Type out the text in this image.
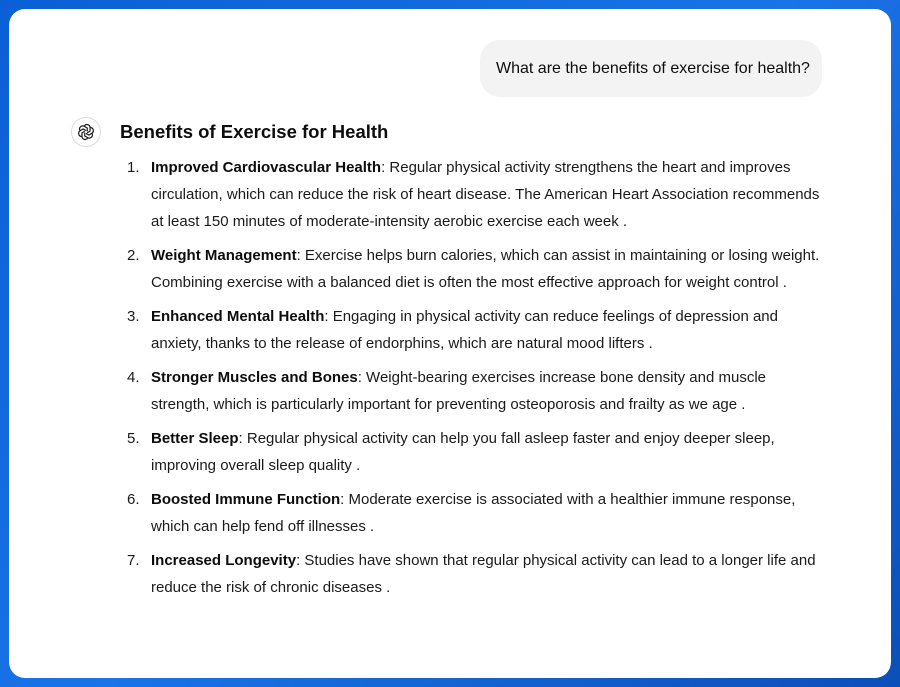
What are the benefits of exercise for health?
Benefits of Exercise for Health
1. Improved Cardiovascular Health: Regular physical activity strengthens the heart and improves circulation, which can reduce the risk of heart disease. The American Heart Association recommends at least 150 minutes of moderate-intensity aerobic exercise each week .
2. Weight Management: Exercise helps burn calories, which can assist in maintaining or losing weight. Combining exercise with a balanced diet is often the most effective approach for weight control .
3. Enhanced Mental Health: Engaging in physical activity can reduce feelings of depression and anxiety, thanks to the release of endorphins, which are natural mood lifters .
4. Stronger Muscles and Bones: Weight-bearing exercises increase bone density and muscle strength, which is particularly important for preventing osteoporosis and frailty as we age .
5. Better Sleep: Regular physical activity can help you fall asleep faster and enjoy deeper sleep, improving overall sleep quality .
6. Boosted Immune Function: Moderate exercise is associated with a healthier immune response, which can help fend off illnesses .
7. Increased Longevity: Studies have shown that regular physical activity can lead to a longer life and reduce the risk of chronic diseases .
